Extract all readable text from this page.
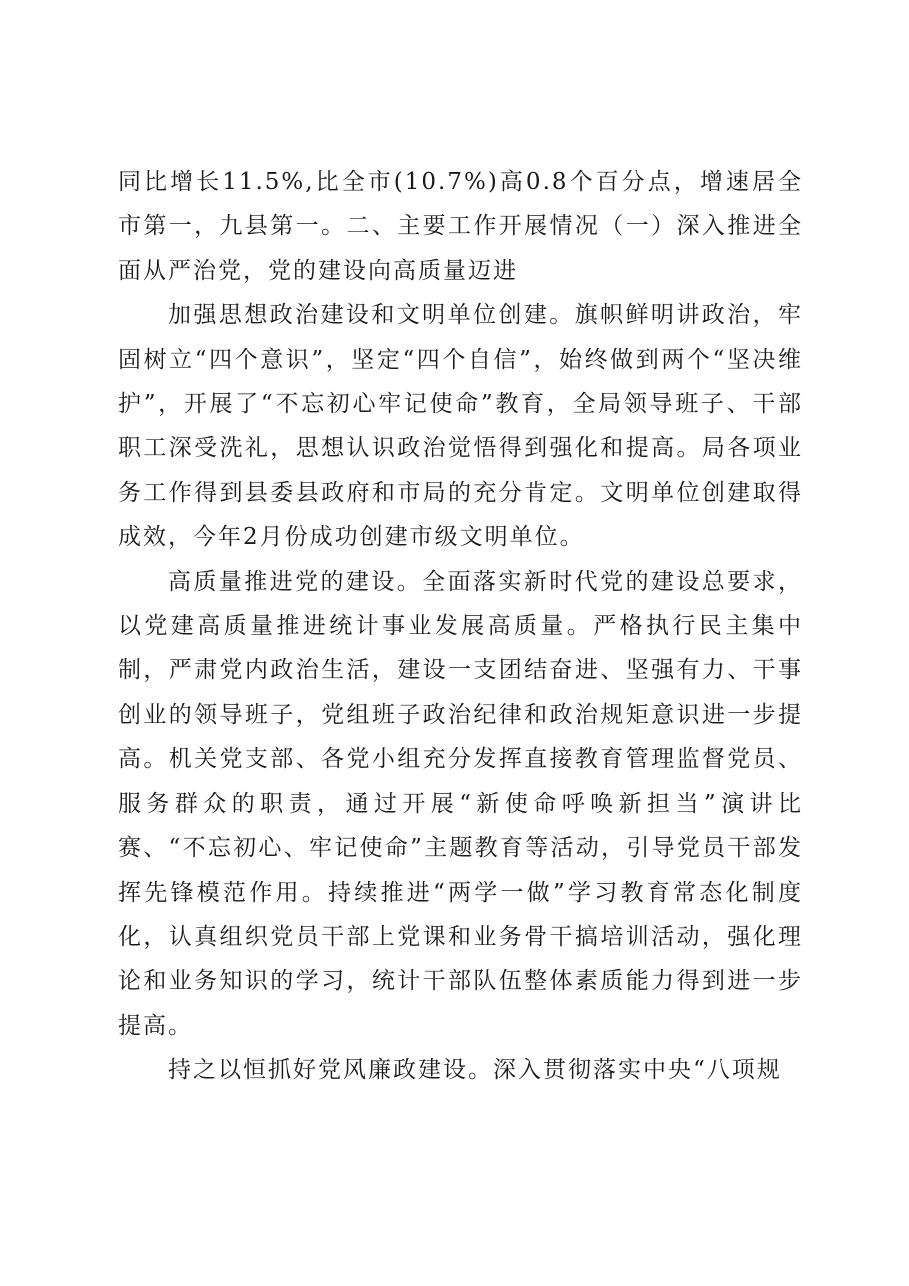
同比增长11.5%,比全市(10.7%)高0.8个百分点，增速居全市第一，九县第一。二、主要工作开展情况（一）深入推进全面从严治党，党的建设向高质量迈进

加强思想政治建设和文明单位创建。旗帜鲜明讲政治，牢固树立“四个意识”，坚定“四个自信”，始终做到两个“坚决维护”，开展了“不忘初心牢记使命”教育，全局领导班子、干部职工深受洗礼，思想认识政治觉悟得到强化和提高。局各项业务工作得到县委县政府和市局的充分肯定。文明单位创建取得成效，今年2月份成功创建市级文明单位。

高质量推进党的建设。全面落实新时代党的建设总要求，以党建高质量推进统计事业发展高质量。严格执行民主集中制，严肃党内政治生活，建设一支团结奋进、坚强有力、干事创业的领导班子，党组班子政治纪律和政治规矩意识进一步提高。机关党支部、各党小组充分发挥直接教育管理监督党员、服务群众的职责，通过开展“新使命呼唤新担当”演讲比赛、“不忘初心、牢记使命”主题教育等活动，引导党员干部发挥先锋模范作用。持续推进“两学一做”学习教育常态化制度化，认真组织党员干部上党课和业务骨干搞培训活动，强化理论和业务知识的学习，统计干部队伍整体素质能力得到进一步提高。

持之以恒抓好党风廉政建设。深入贯彻落实中央“八项规
